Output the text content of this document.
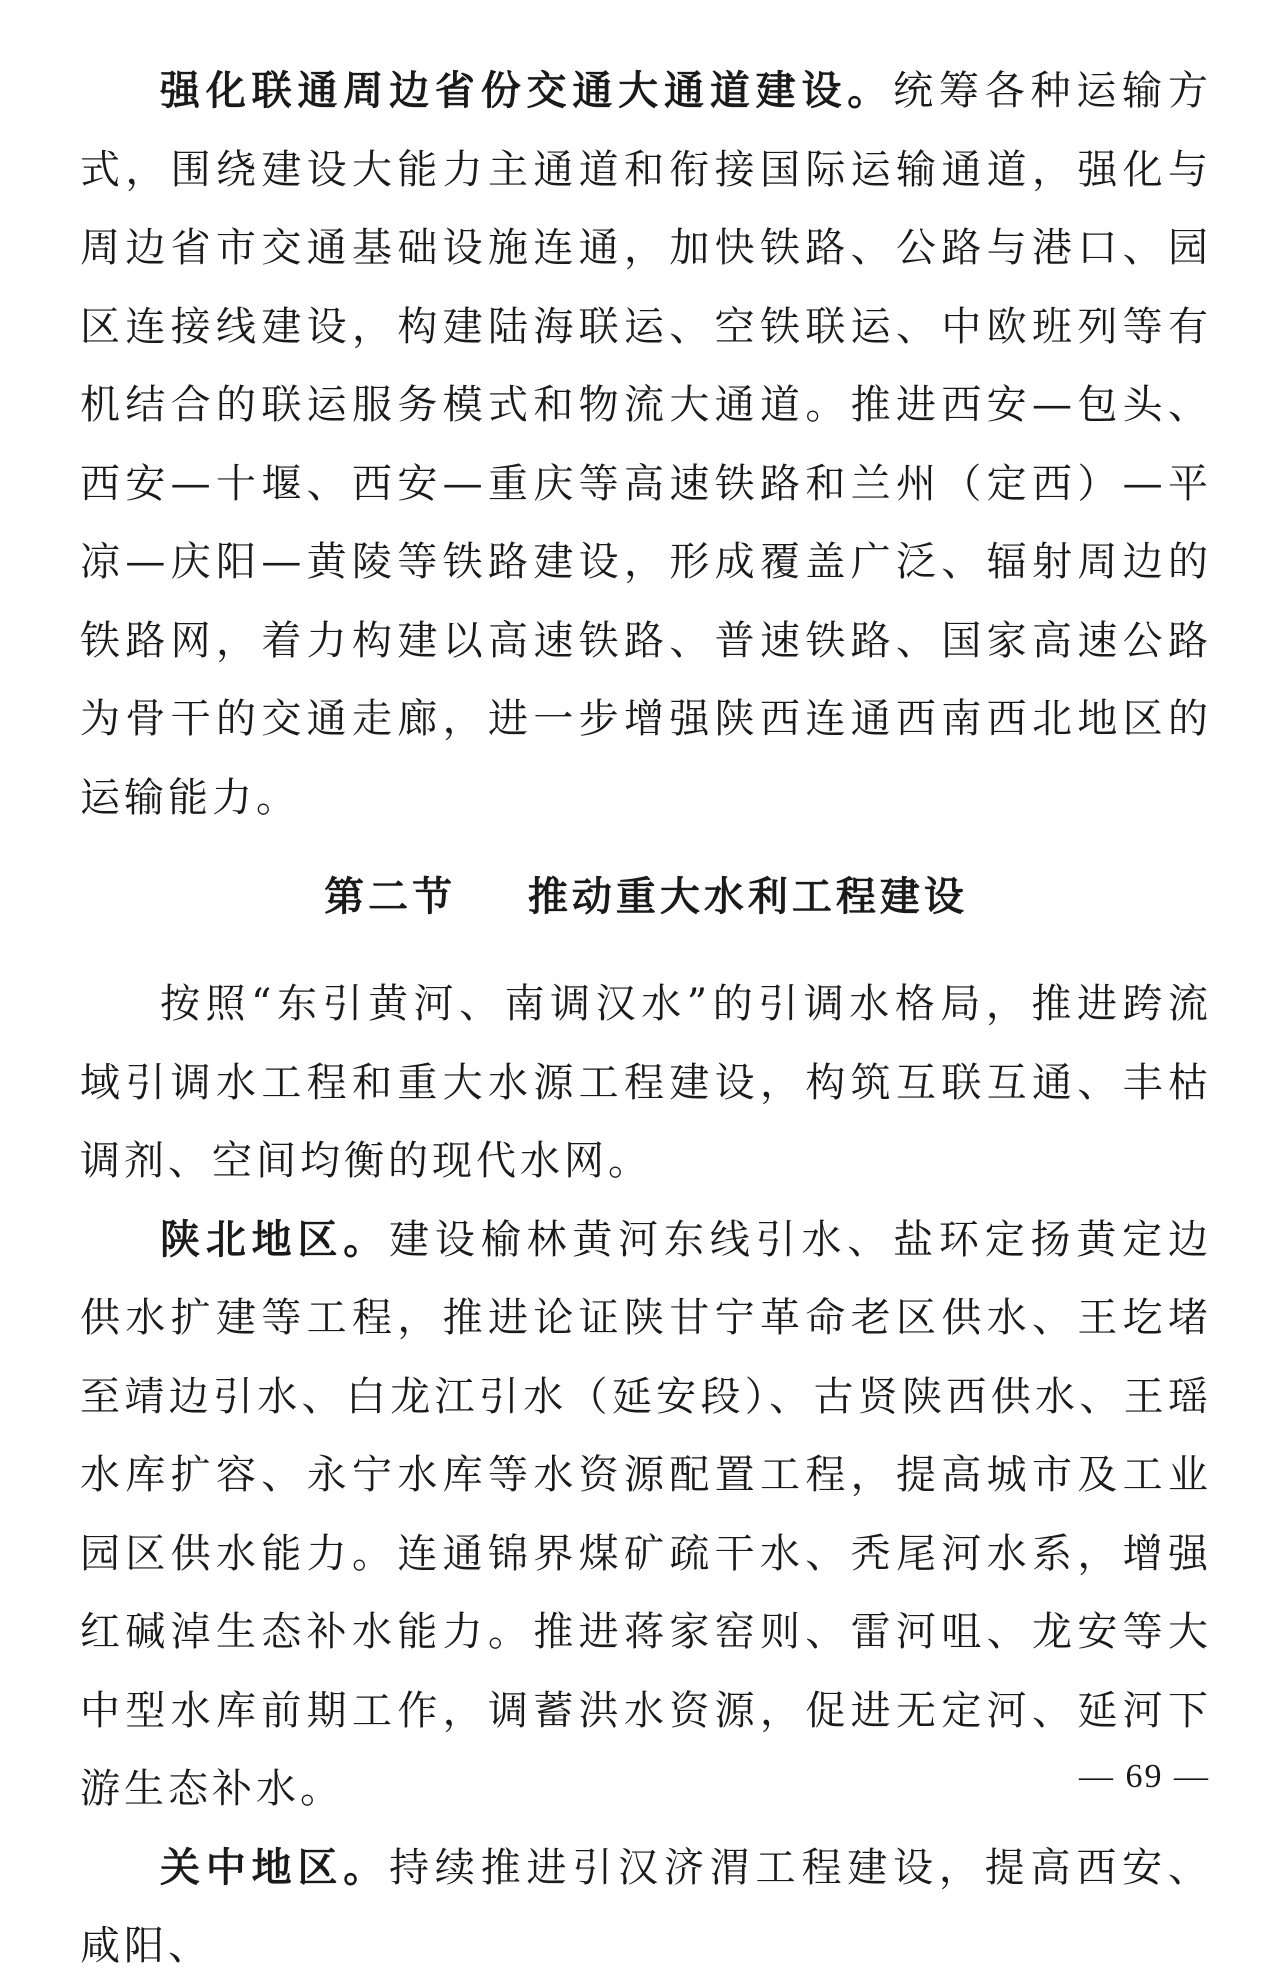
强化联通周边省份交通大通道建设。统筹各种运输方式，围绕建设大能力主通道和衔接国际运输通道，强化与周边省市交通基础设施连通，加快铁路、公路与港口、园区连接线建设，构建陆海联运、空铁联运、中欧班列等有机结合的联运服务模式和物流大通道。推进西安—包头、西安—十堰、西安—重庆等高速铁路和兰州（定西）—平凉—庆阳—黄陵等铁路建设，形成覆盖广泛、辐射周边的铁路网，着力构建以高速铁路、普速铁路、国家高速公路为骨干的交通走廊，进一步增强陕西连通西南西北地区的运输能力。

第二节    推动重大水利工程建设

按照“东引黄河、南调汉水”的引调水格局，推进跨流域引调水工程和重大水源工程建设，构筑互联互通、丰枯调剂、空间均衡的现代水网。

陕北地区。建设榆林黄河东线引水、盐环定扬黄定边供水扩建等工程，推进论证陕甘宁革命老区供水、王圪堵至靖边引水、白龙江引水（延安段）、古贤陕西供水、王瑶水库扩容、永宁水库等水资源配置工程，提高城市及工业园区供水能力。连通锦界煤矿疏干水、秃尾河水系，增强红碱淖生态补水能力。推进蒋家窑则、雷河咀、龙安等大中型水库前期工作，调蓄洪水资源，促进无定河、延河下游生态补水。

关中地区。持续推进引汉济渭工程建设，提高西安、咸阳、

— 69 —
